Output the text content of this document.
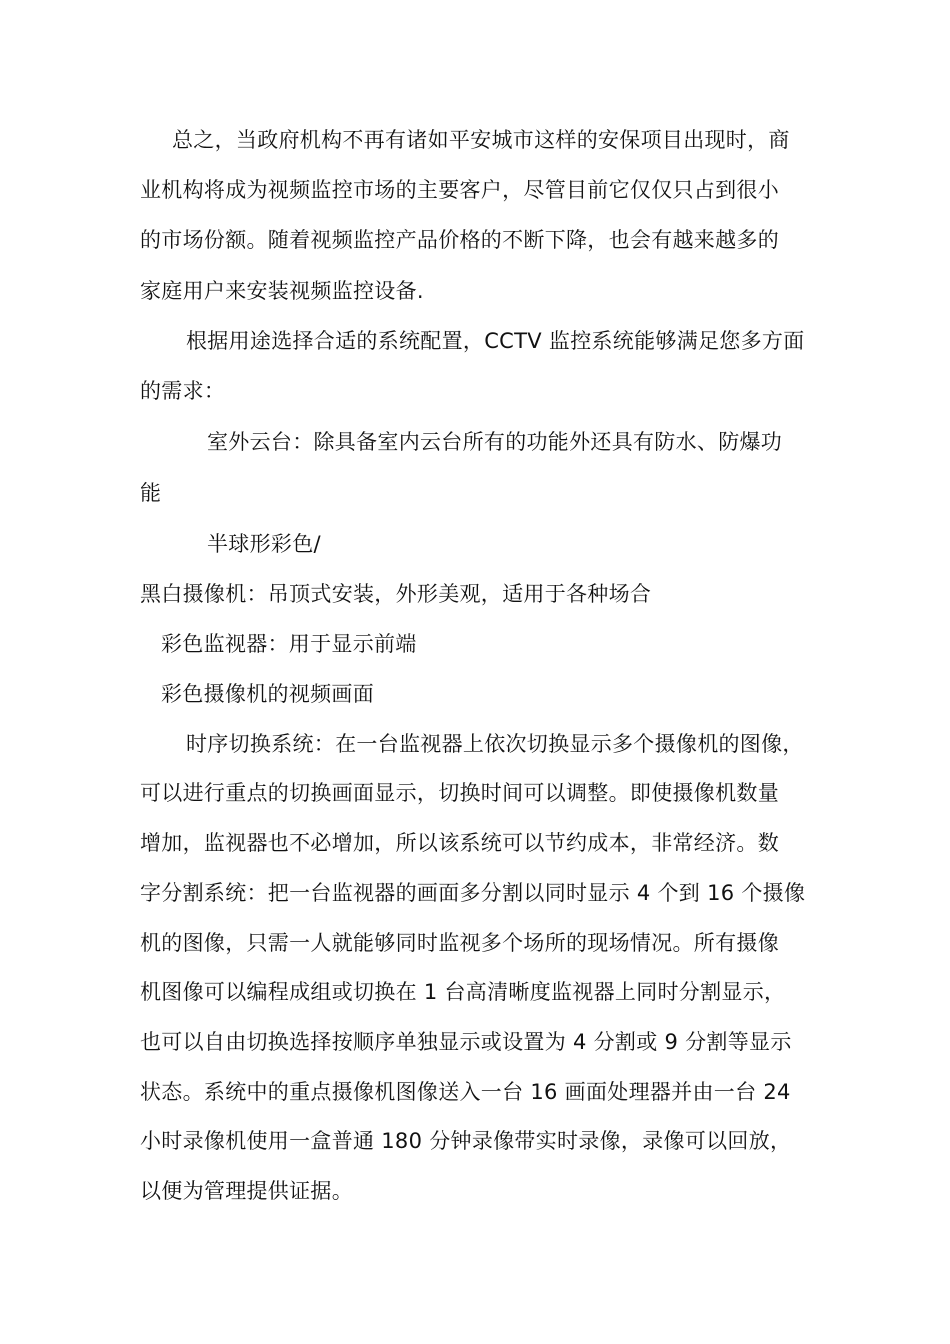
总之，当政府机构不再有诸如平安城市这样的安保项目出现时，商
业机构将成为视频监控市场的主要客户，尽管目前它仅仅只占到很小
的市场份额。随着视频监控产品价格的不断下降，也会有越来越多的
家庭用户来安装视频监控设备.
根据用途选择合适的系统配置，CCTV 监控系统能够满足您多方面
的需求：
室外云台：除具备室内云台所有的功能外还具有防水、防爆功
能
半球形彩色/
黑白摄像机：吊顶式安装，外形美观，适用于各种场合
彩色监视器：用于显示前端
彩色摄像机的视频画面
时序切换系统：在一台监视器上依次切换显示多个摄像机的图像，
可以进行重点的切换画面显示，切换时间可以调整。即使摄像机数量
增加，监视器也不必增加，所以该系统可以节约成本，非常经济。数
字分割系统：把一台监视器的画面多分割以同时显示 4 个到 16 个摄像
机的图像，只需一人就能够同时监视多个场所的现场情况。所有摄像
机图像可以编程成组或切换在 1 台高清晰度监视器上同时分割显示，
也可以自由切换选择按顺序单独显示或设置为 4 分割或 9 分割等显示
状态。系统中的重点摄像机图像送入一台 16 画面处理器并由一台 24
小时录像机使用一盒普通 180 分钟录像带实时录像，录像可以回放，
以便为管理提供证据。
